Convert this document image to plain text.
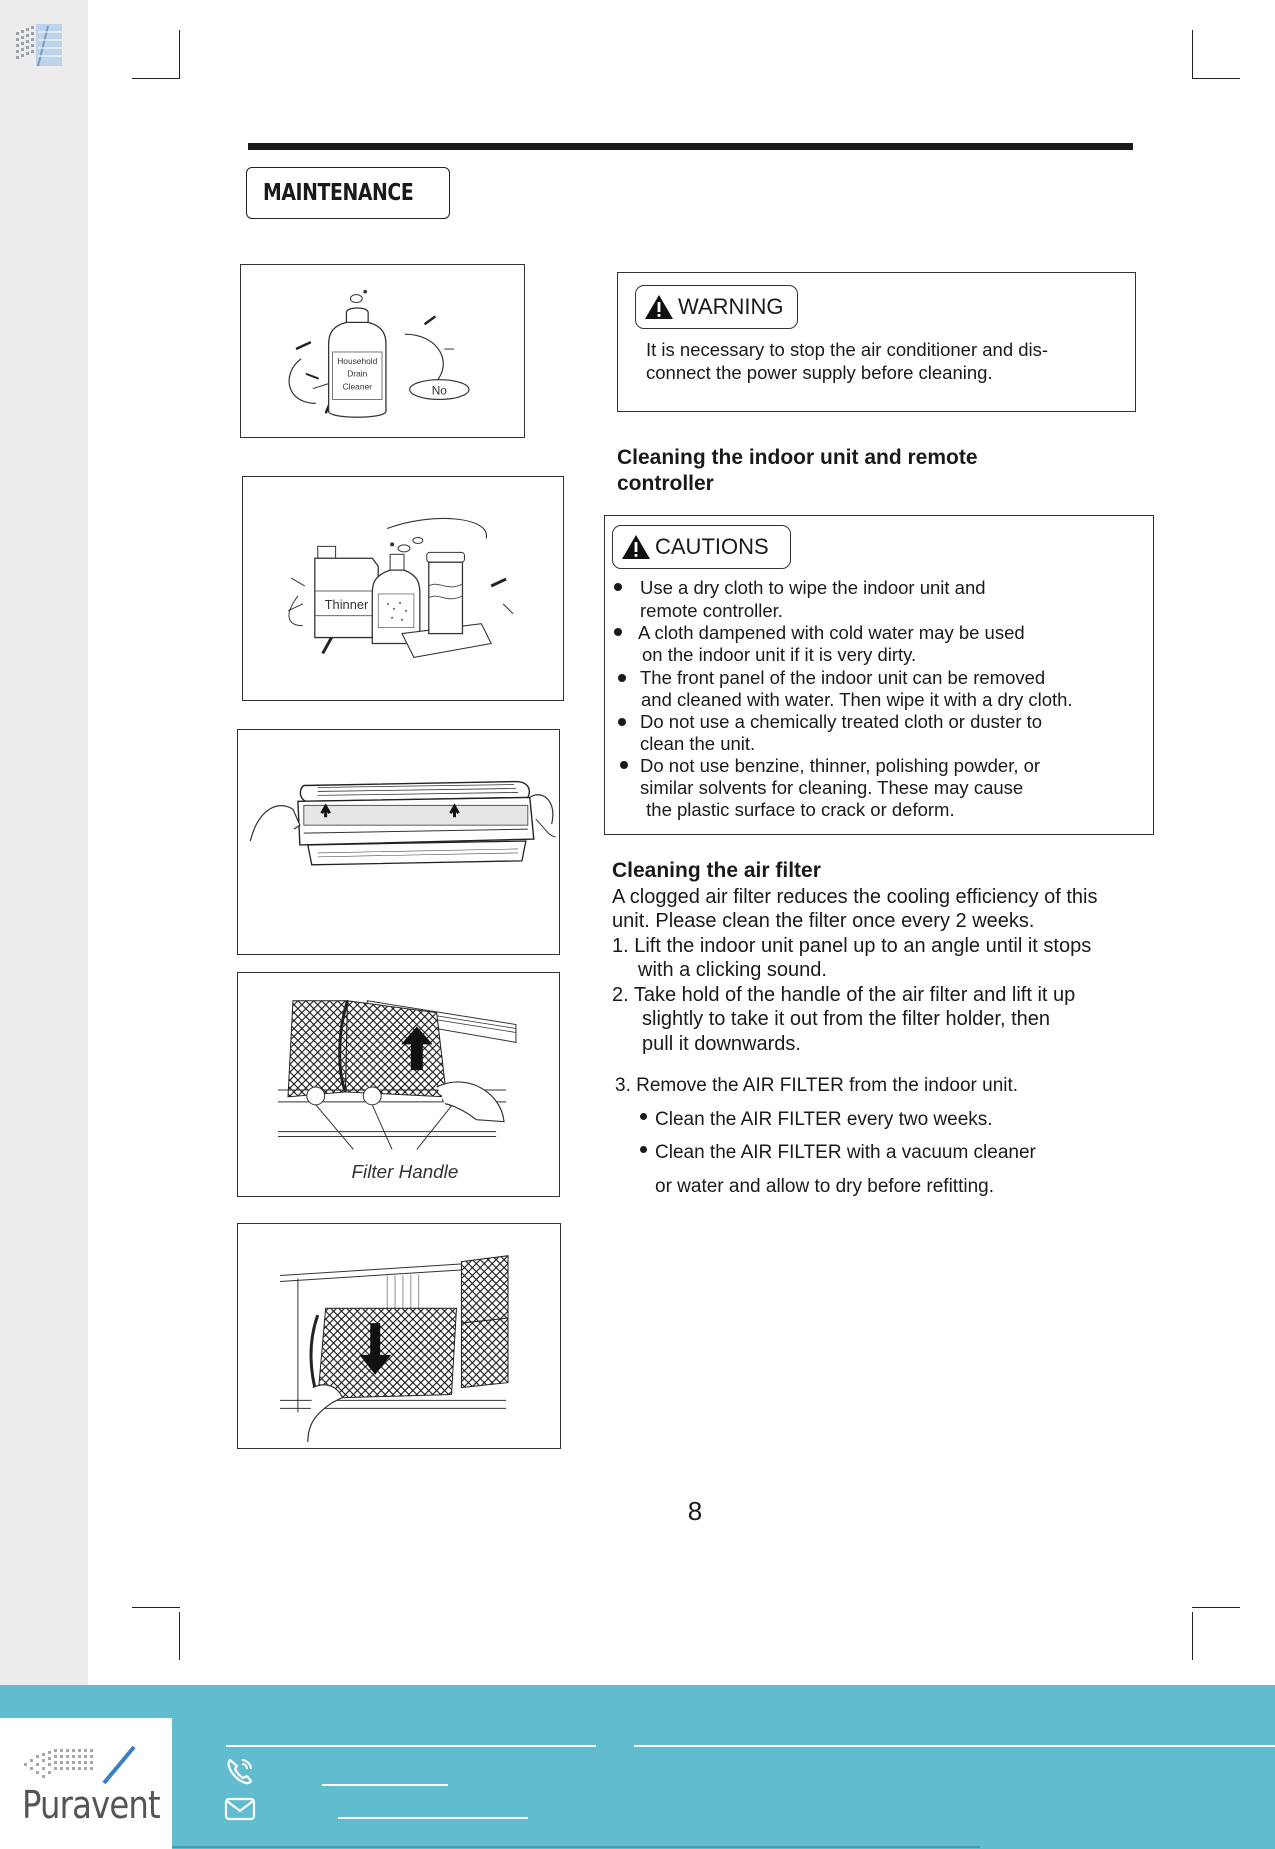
MAINTENANCE
Household
Drain
Cleaner	No
Thinner
Filter Handle
WARNING
It is necessary to stop the air conditioner and dis-
connect the power supply before cleaning.
Cleaning the indoor unit and remote
controller
CAUTIONS
Use a dry cloth to wipe the indoor unit and
remote controller.
A cloth dampened with cold water may be used
on the indoor unit if it is very dirty.
The front panel of the indoor unit can be removed
and cleaned with water. Then wipe it with a dry cloth.
Do not use a chemically treated cloth or duster to
clean the unit.
Do not use benzine, thinner, polishing powder, or
similar solvents for cleaning. These may cause
the plastic surface to crack or deform.
Cleaning the air filter
A clogged air filter reduces the cooling efficiency of this
unit. Please clean the filter once every 2 weeks.
1. Lift the indoor unit panel up to an angle until it stops
with a clicking sound.
2. Take hold of the handle of the air filter and lift it up
slightly to take it out from the filter holder, then
pull it downwards.
3. Remove the AIR FILTER from the indoor unit.
Clean the AIR FILTER every two weeks.
Clean the AIR FILTER with a vacuum cleaner
or water and allow to dry before refitting.
8
Puravent
